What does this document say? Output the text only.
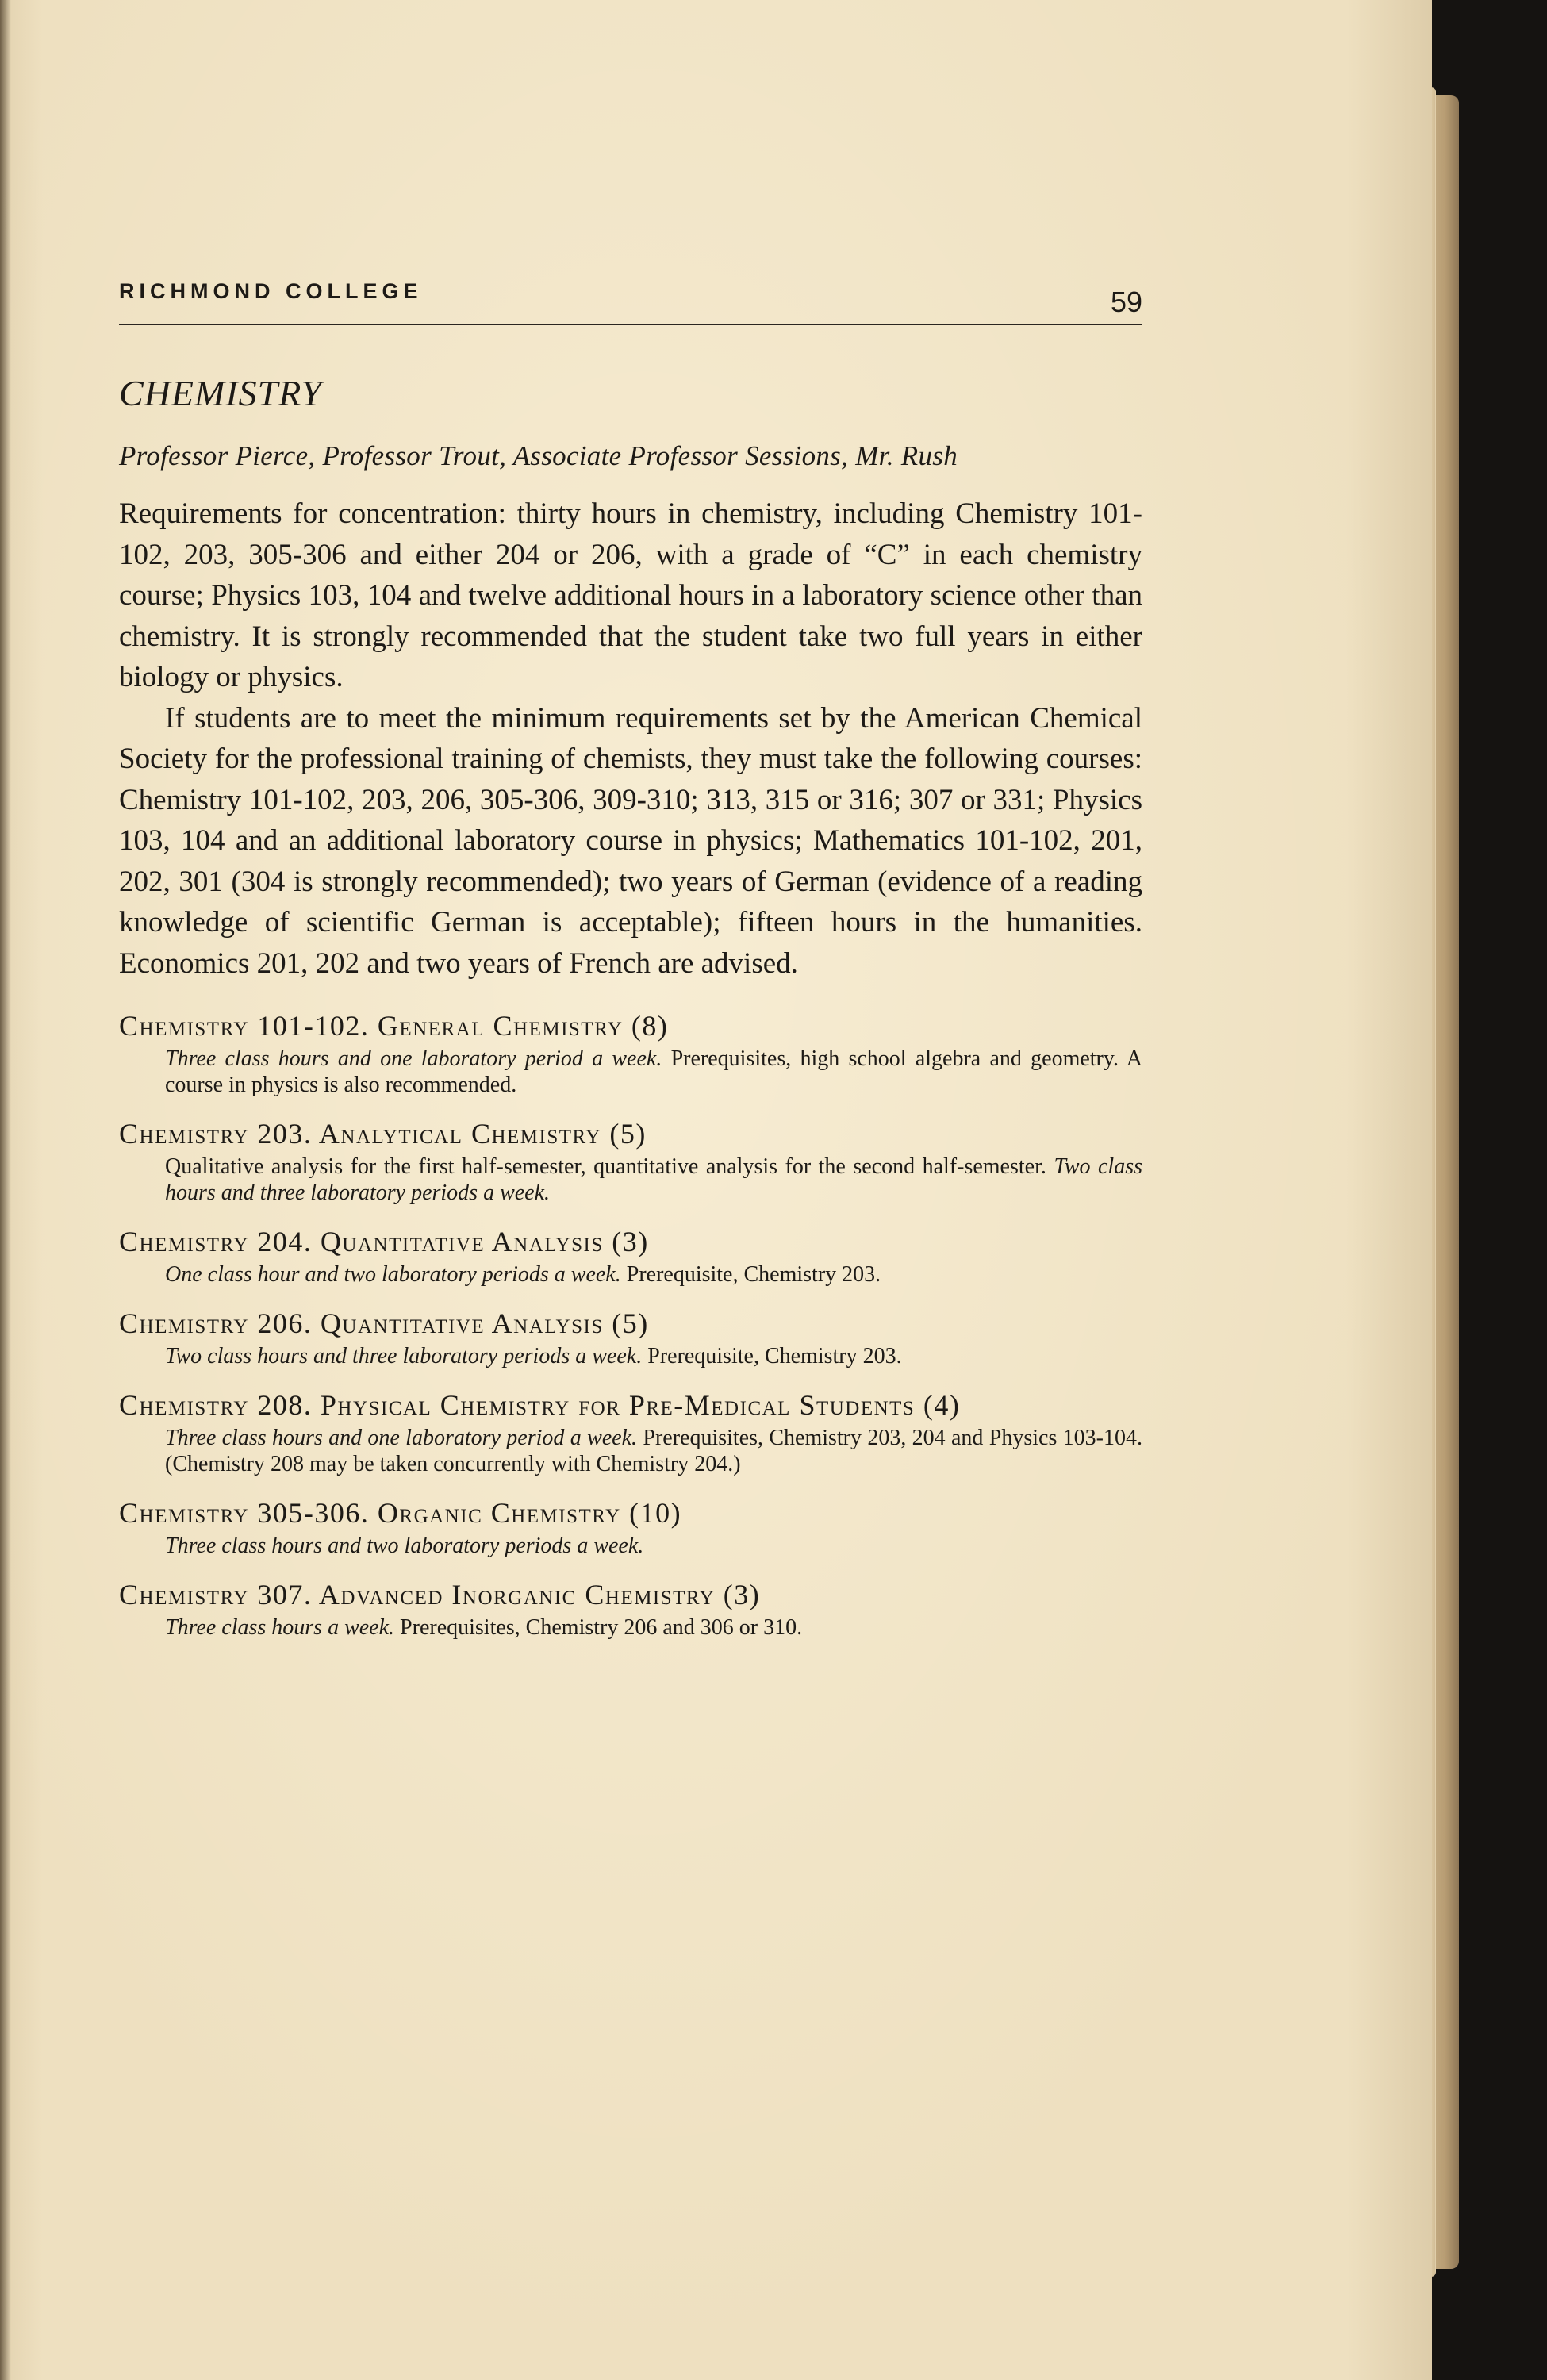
RICHMOND COLLEGE	59
CHEMISTRY
Professor Pierce, Professor Trout, Associate Professor Sessions, Mr. Rush

Requirements for concentration: thirty hours in chemistry, including Chemistry 101-102, 203, 305-306 and either 204 or 206, with a grade of “C” in each chemistry course; Physics 103, 104 and twelve additional hours in a laboratory science other than chemistry. It is strongly recommended that the student take two full years in either biology or physics.

If students are to meet the minimum requirements set by the American Chemical Society for the professional training of chemists, they must take the following courses: Chemistry 101-102, 203, 206, 305-306, 309-310; 313, 315 or 316; 307 or 331; Physics 103, 104 and an additional laboratory course in physics; Mathematics 101-102, 201, 202, 301 (304 is strongly recommended); two years of German (evidence of a reading knowledge of scientific German is acceptable); fifteen hours in the humanities. Economics 201, 202 and two years of French are advised.

Chemistry 101-102. General Chemistry (8)
Three class hours and one laboratory period a week. Prerequisites, high school algebra and geometry. A course in physics is also recommended.
Chemistry 203. Analytical Chemistry (5)
Qualitative analysis for the first half-semester, quantitative analysis for the second half-semester. Two class hours and three laboratory periods a week.
Chemistry 204. Quantitative Analysis (3)
One class hour and two laboratory periods a week. Prerequisite, Chemistry 203.
Chemistry 206. Quantitative Analysis (5)
Two class hours and three laboratory periods a week. Prerequisite, Chemistry 203.
Chemistry 208. Physical Chemistry for Pre-Medical Students (4)
Three class hours and one laboratory period a week. Prerequisites, Chemistry 203, 204 and Physics 103-104. (Chemistry 208 may be taken concurrently with Chemistry 204.)
Chemistry 305-306. Organic Chemistry (10)
Three class hours and two laboratory periods a week.
Chemistry 307. Advanced Inorganic Chemistry (3)
Three class hours a week. Prerequisites, Chemistry 206 and 306 or 310.
